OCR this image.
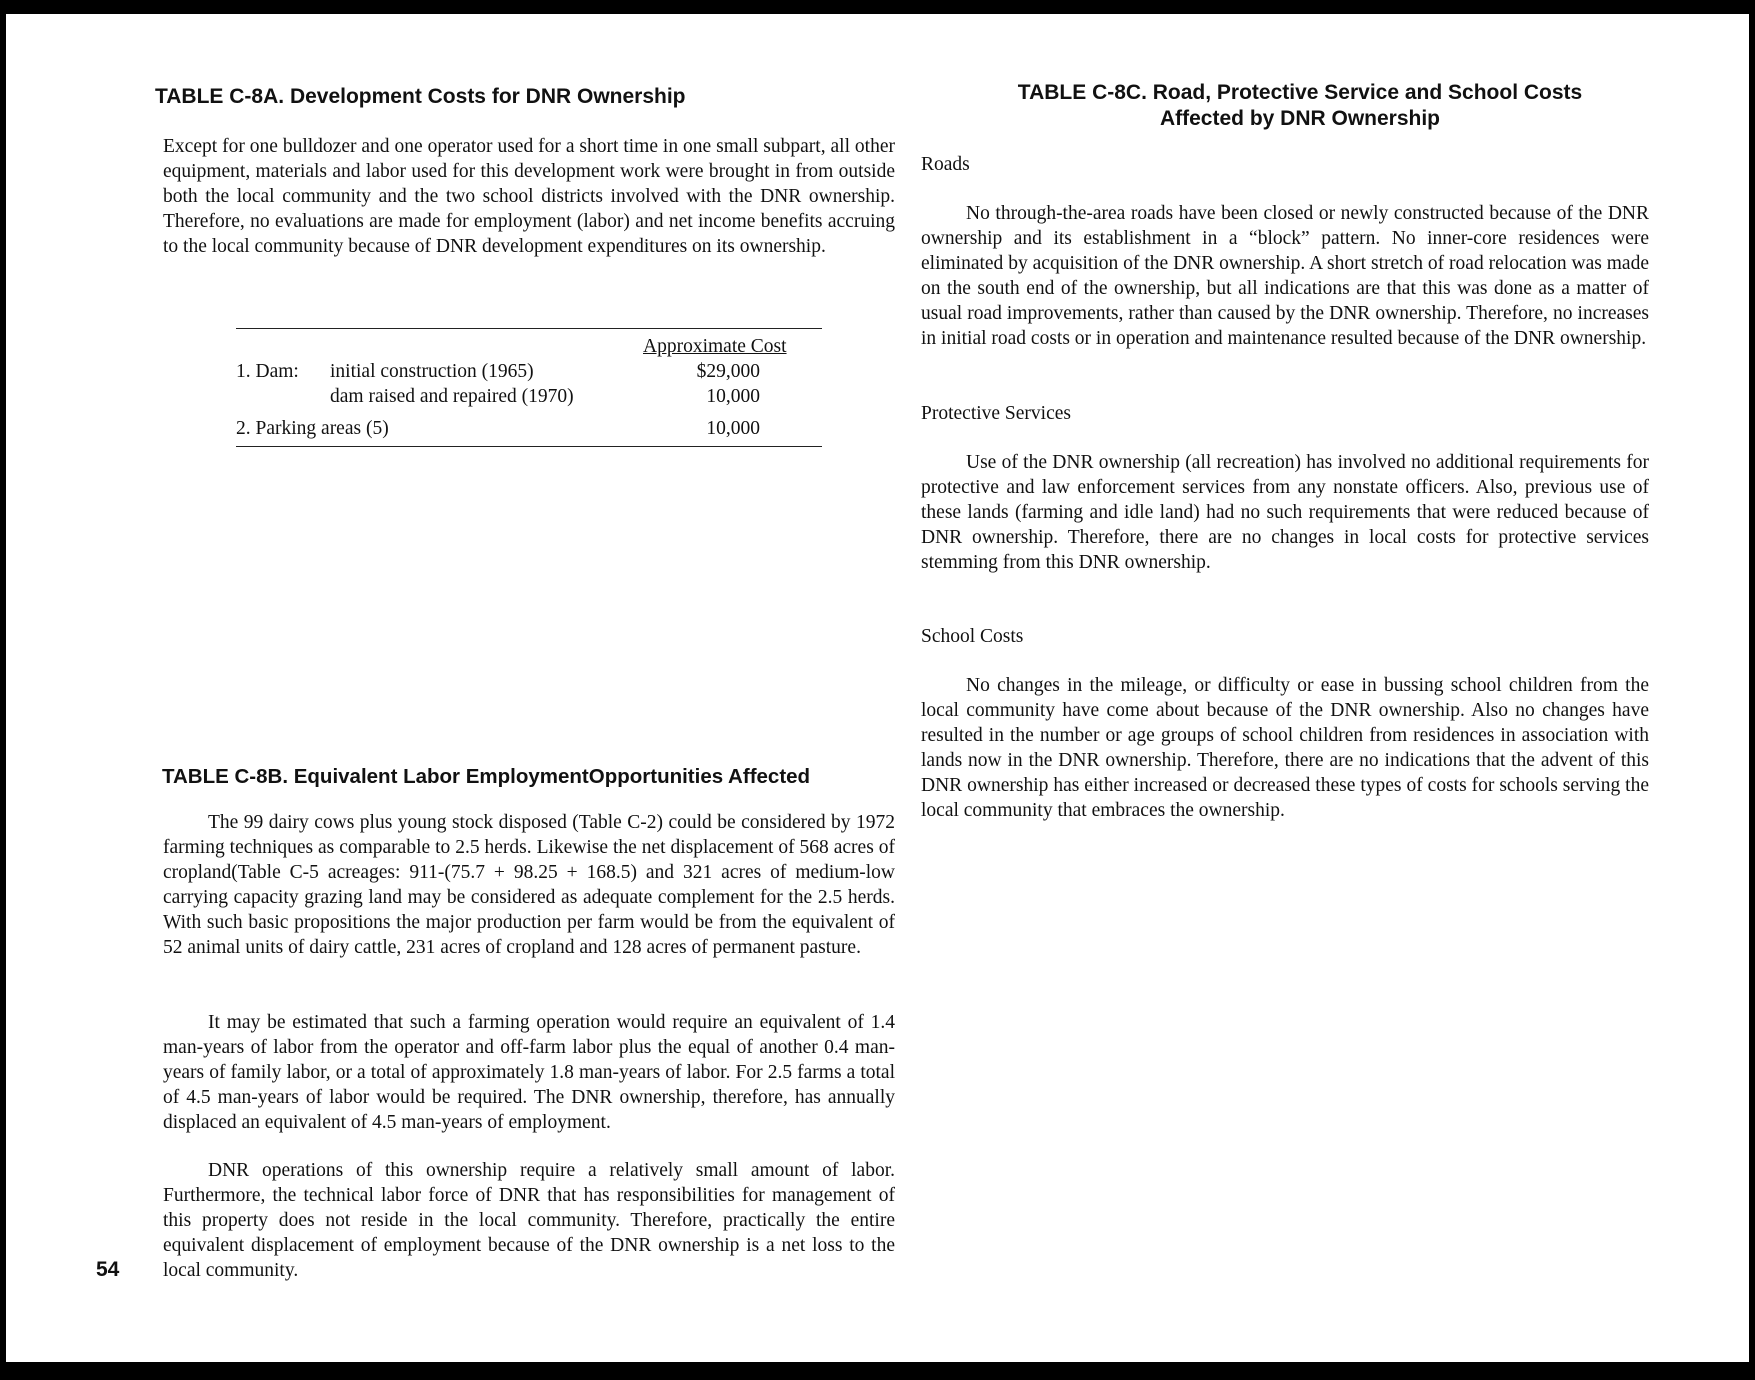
TABLE C-8A. Development Costs for DNR Ownership

Except for one bulldozer and one operator used for a short time in one small subpart, all other equipment, materials and labor used for this development work were brought in from outside both the local community and the two school districts involved with the DNR ownership. Therefore, no evaluations are made for employment (labor) and net income benefits accruing to the local community because of DNR development expenditures on its ownership.

Approximate Cost
1. Dam: initial construction (1965)	$29,000
dam raised and repaired (1970)	10,000
2. Parking areas (5)	10,000
TABLE C-8B. Equivalent Labor EmploymentOpportunities Affected

The 99 dairy cows plus young stock disposed (Table C-2) could be considered by 1972 farming techniques as comparable to 2.5 herds. Likewise the net displacement of 568 acres of cropland(Table C-5 acreages: 911-(75.7 + 98.25 + 168.5) and 321 acres of medium-low carrying capacity grazing land may be considered as adequate complement for the 2.5 herds. With such basic propositions the major production per farm would be from the equivalent of 52 animal units of dairy cattle, 231 acres of cropland and 128 acres of permanent pasture.

It may be estimated that such a farming operation would require an equivalent of 1.4 man-years of labor from the operator and off-farm labor plus the equal of another 0.4 man-years of family labor, or a total of approximately 1.8 man-years of labor. For 2.5 farms a total of 4.5 man-years of labor would be required. The DNR ownership, therefore, has annually displaced an equivalent of 4.5 man-years of employment.

DNR operations of this ownership require a relatively small amount of labor. Furthermore, the technical labor force of DNR that has responsibilities for management of this property does not reside in the local community. Therefore, practically the entire equivalent displacement of employment because of the DNR ownership is a net loss to the local community.

54
TABLE C-8C. Road, Protective Service and School Costs
Affected by DNR Ownership

Roads

No through-the-area roads have been closed or newly constructed because of the DNR ownership and its establishment in a “block” pattern. No inner-core residences were eliminated by acquisition of the DNR ownership. A short stretch of road relocation was made on the south end of the ownership, but all indications are that this was done as a matter of usual road improvements, rather than caused by the DNR ownership. Therefore, no increases in initial road costs or in operation and maintenance resulted because of the DNR ownership.

Protective Services

Use of the DNR ownership (all recreation) has involved no additional requirements for protective and law enforcement services from any nonstate officers. Also, previous use of these lands (farming and idle land) had no such requirements that were reduced because of DNR ownership. Therefore, there are no changes in local costs for protective services stemming from this DNR ownership.

School Costs

No changes in the mileage, or difficulty or ease in bussing school children from the local community have come about because of the DNR ownership. Also no changes have resulted in the number or age groups of school children from residences in association with lands now in the DNR ownership. Therefore, there are no indications that the advent of this DNR ownership has either increased or decreased these types of costs for schools serving the local community that embraces the ownership.
